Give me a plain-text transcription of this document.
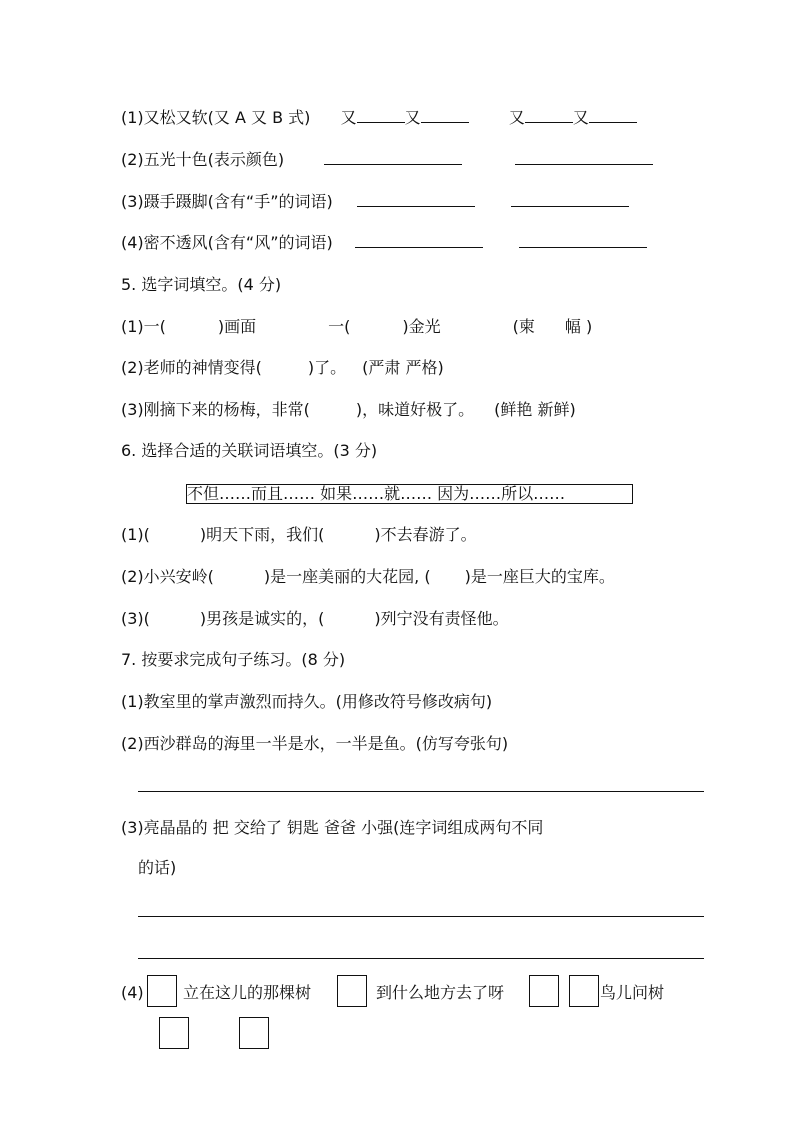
(1)又松又软(又 A 又 B 式) 又	又	又	又
(2)五光十色(表示颜色)
(3)蹑手蹑脚(含有“手”的词语)
(4)密不透风(含有“风”的词语)
5. 选字词填空。(4 分)
(1)一(	)画面	一(	)金光	(柬 幅 )
(2)老师的神情变得(	)了。 (严肃 严格)
(3)刚摘下来的杨梅，非常(	)，味道好极了。 (鲜艳 新鲜)
6. 选择合适的关联词语填空。(3 分)
不但……而且…… 如果……就…… 因为……所以……
(1)(	)明天下雨，我们(	)不去春游了。
(2)小兴安岭(	)是一座美丽的大花园, ( )是一座巨大的宝库。
(3)(	)男孩是诚实的，(	)列宁没有责怪他。
7. 按要求完成句子练习。(8 分)
(1)教室里的掌声激烈而持久。(用修改符号修改病句)
(2)西沙群岛的海里一半是水，一半是鱼。(仿写夸张句)
(3)亮晶晶的 把 交给了 钥匙 爸爸 小强(连字词组成两句不同
的话)
(4) 立在这儿的那棵树	到什么地方去了呀	鸟儿问树
